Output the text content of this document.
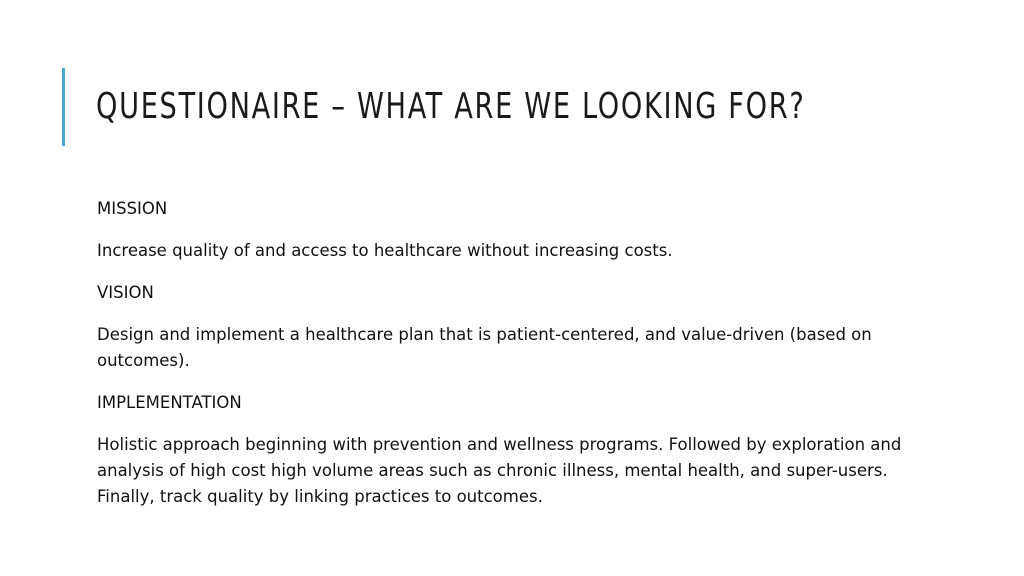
QUESTIONAIRE – WHAT ARE WE LOOKING FOR?

MISSION

Increase quality of and access to healthcare without increasing costs.

VISION

Design and implement a healthcare plan that is patient-centered, and value-driven (based on outcomes).

IMPLEMENTATION

Holistic approach beginning with prevention and wellness programs. Followed by exploration and analysis of high cost high volume areas such as chronic illness, mental health, and super-users. Finally, track quality by linking practices to outcomes.
